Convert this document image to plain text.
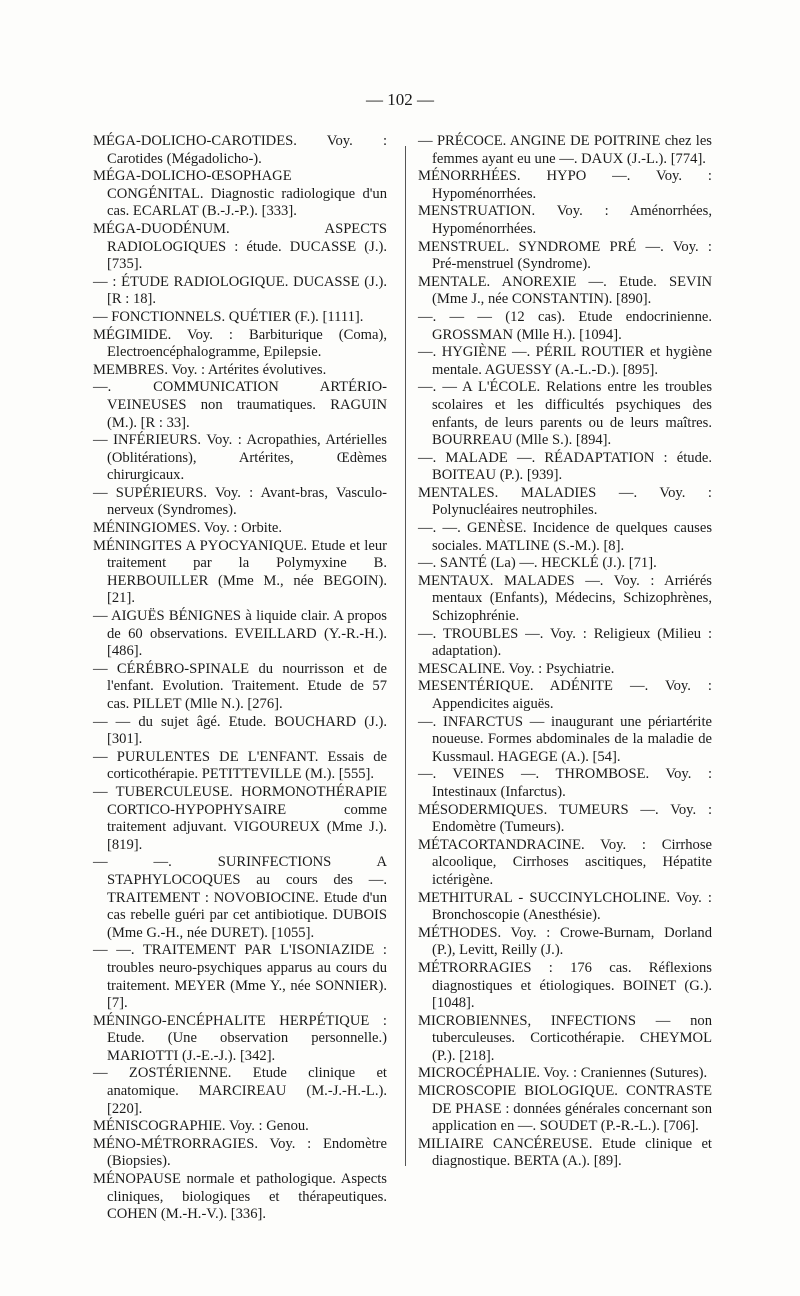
— 102 —

MÉGA-DOLICHO-CAROTIDES. Voy. : Carotides (Mégadolicho-).

MÉGA-DOLICHO-ŒSOPHAGE CONGÉNITAL. Diagnostic radiologique d'un cas. ECARLAT (B.-J.-P.). [333].

MÉGA-DUODÉNUM. ASPECTS RADIOLOGIQUES : étude. DUCASSE (J.). [735].

— : ÉTUDE RADIOLOGIQUE. DUCASSE (J.). [R : 18].

— FONCTIONNELS. QUÉTIER (F.). [1111].

MÉGIMIDE. Voy. : Barbiturique (Coma), Electroencéphalogramme, Epilepsie.

MEMBRES. Voy. : Artérites évolutives.

—. COMMUNICATION ARTÉRIO-VEINEUSES non traumatiques. RAGUIN (M.). [R : 33].

— INFÉRIEURS. Voy. : Acropathies, Artérielles (Oblitérations), Artérites, Œdèmes chirurgicaux.

— SUPÉRIEURS. Voy. : Avant-bras, Vasculo-nerveux (Syndromes).

MÉNINGIOMES. Voy. : Orbite.

MÉNINGITES A PYOCYANIQUE. Etude et leur traitement par la Polymyxine B. HERBOUILLER (Mme M., née BEGOIN). [21].

— AIGUËS BÉNIGNES à liquide clair. A propos de 60 observations. EVEILLARD (Y.-R.-H.). [486].

— CÉRÉBRO-SPINALE du nourrisson et de l'enfant. Evolution. Traitement. Etude de 57 cas. PILLET (Mlle N.). [276].

— — du sujet âgé. Etude. BOUCHARD (J.). [301].

— PURULENTES DE L'ENFANT. Essais de corticothérapie. PETITTEVILLE (M.). [555].

— TUBERCULEUSE. HORMONOTHÉRAPIE CORTICO-HYPOPHYSAIRE comme traitement adjuvant. VIGOUREUX (Mme J.). [819].

— —. SURINFECTIONS A STAPHYLOCOQUES au cours des —. TRAITEMENT : NOVOBIOCINE. Etude d'un cas rebelle guéri par cet antibiotique. DUBOIS (Mme G.-H., née DURET). [1055].

— —. TRAITEMENT PAR L'ISONIAZIDE : troubles neuro-psychiques apparus au cours du traitement. MEYER (Mme Y., née SONNIER). [7].

MÉNINGO-ENCÉPHALITE HERPÉTIQUE : Etude. (Une observation personnelle.) MARIOTTI (J.-E.-J.). [342].

— ZOSTÉRIENNE. Etude clinique et anatomique. MARCIREAU (M.-J.-H.-L.). [220].

MÉNISCOGRAPHIE. Voy. : Genou.

MÉNO-MÉTRORRAGIES. Voy. : Endomètre (Biopsies).

MÉNOPAUSE normale et pathologique. Aspects cliniques, biologiques et thérapeutiques. COHEN (M.-H.-V.). [336].

— PRÉCOCE. ANGINE DE POITRINE chez les femmes ayant eu une —. DAUX (J.-L.). [774].

MÉNORRHÉES. HYPO —. Voy. : Hypoménorrhées.

MENSTRUATION. Voy. : Aménorrhées, Hypoménorrhées.

MENSTRUEL. SYNDROME PRÉ —. Voy. : Pré-menstruel (Syndrome).

MENTALE. ANOREXIE —. Etude. SEVIN (Mme J., née CONSTANTIN). [890].

—. — — (12 cas). Etude endocrinienne. GROSSMAN (Mlle H.). [1094].

—. HYGIÈNE —. PÉRIL ROUTIER et hygiène mentale. AGUESSY (A.-L.-D.). [895].

—. — A L'ÉCOLE. Relations entre les troubles scolaires et les difficultés psychiques des enfants, de leurs parents ou de leurs maîtres. BOURREAU (Mlle S.). [894].

—. MALADE —. RÉADAPTATION : étude. BOITEAU (P.). [939].

MENTALES. MALADIES —. Voy. : Polynucléaires neutrophiles.

—. —. GENÈSE. Incidence de quelques causes sociales. MATLINE (S.-M.). [8].

—. SANTÉ (La) —. HECKLÉ (J.). [71].

MENTAUX. MALADES —. Voy. : Arriérés mentaux (Enfants), Médecins, Schizophrènes, Schizophrénie.

—. TROUBLES —. Voy. : Religieux (Milieu : adaptation).

MESCALINE. Voy. : Psychiatrie.

MESENTÉRIQUE. ADÉNITE —. Voy. : Appendicites aiguës.

—. INFARCTUS — inaugurant une périartérite noueuse. Formes abdominales de la maladie de Kussmaul. HAGEGE (A.). [54].

—. VEINES —. THROMBOSE. Voy. : Intestinaux (Infarctus).

MÉSODERMIQUES. TUMEURS —. Voy. : Endomètre (Tumeurs).

MÉTACORTANDRACINE. Voy. : Cirrhose alcoolique, Cirrhoses ascitiques, Hépatite ictérigène.

METHITURAL - SUCCINYLCHOLINE. Voy. : Bronchoscopie (Anesthésie).

MÉTHODES. Voy. : Crowe-Burnam, Dorland (P.), Levitt, Reilly (J.).

MÉTRORRAGIES : 176 cas. Réflexions diagnostiques et étiologiques. BOINET (G.). [1048].

MICROBIENNES, INFECTIONS — non tuberculeuses. Corticothérapie. CHEYMOL (P.). [218].

MICROCÉPHALIE. Voy. : Craniennes (Sutures).

MICROSCOPIE BIOLOGIQUE. CONTRASTE DE PHASE : données générales concernant son application en —. SOUDET (P.-R.-L.). [706].

MILIAIRE CANCÉREUSE. Etude clinique et diagnostique. BERTA (A.). [89].
